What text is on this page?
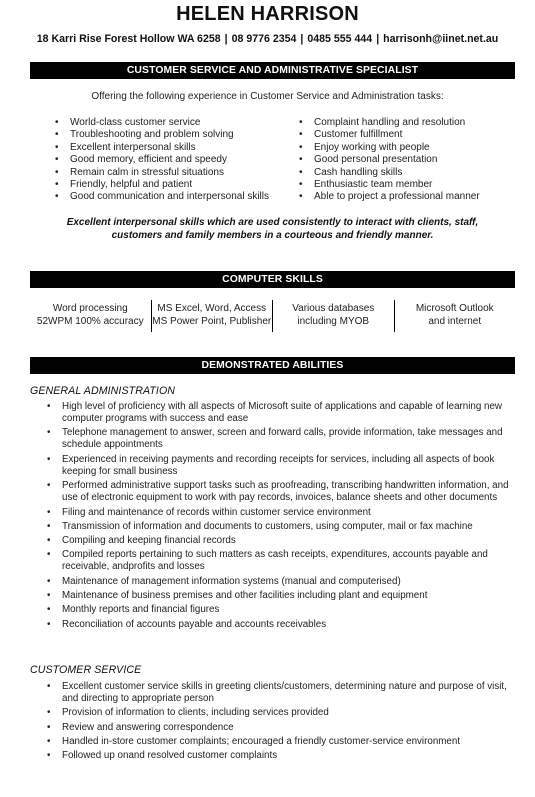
HELEN HARRISON
18 Karri Rise Forest Hollow WA 6258 | 08 9776 2354 | 0485 555 444 | harrisonh@iinet.net.au
CUSTOMER SERVICE AND ADMINISTRATIVE SPECIALIST
Offering the following experience in Customer Service and Administration tasks:
• World-class customer service
• Troubleshooting and problem solving
• Excellent interpersonal skills
• Good memory, efficient and speedy
• Remain calm in stressful situations
• Friendly, helpful and patient
• Good communication and interpersonal skills
• Complaint handling and resolution
• Customer fulfillment
• Enjoy working with people
• Good personal presentation
• Cash handling skills
• Enthusiastic team member
• Able to project a professional manner
Excellent interpersonal skills which are used consistently to interact with clients, staff,
customers and family members in a courteous and friendly manner.
COMPUTER SKILLS
Word processing
52WPM 100% accuracy
MS Excel, Word, Access
MS Power Point, Publisher
Various databases
including MYOB
Microsoft Outlook
and internet
DEMONSTRATED ABILITIES
GENERAL ADMINISTRATION
• High level of proficiency with all aspects of Microsoft suite of applications and capable of learning new computer programs with success and ease
• Telephone management to answer, screen and forward calls, provide information, take messages and schedule appointments
• Experienced in receiving payments and recording receipts for services, including all aspects of book keeping for small business
• Performed administrative support tasks such as proofreading, transcribing handwritten information, and use of electronic equipment to work with pay records, invoices, balance sheets and other documents
• Filing and maintenance of records within customer service environment
• Transmission of information and documents to customers, using computer, mail or fax machine
• Compiling and keeping financial records
• Compiled reports pertaining to such matters as cash receipts, expenditures, accounts payable and receivable, andprofits and losses
• Maintenance of management information systems (manual and computerised)
• Maintenance of business premises and other facilities including plant and equipment
• Monthly reports and financial figures
• Reconciliation of accounts payable and accounts receivables
CUSTOMER SERVICE
• Excellent customer service skills in greeting clients/customers, determining nature and purpose of visit, and directing to appropriate person
• Provision of information to clients, including services provided
• Review and answering correspondence
• Handled in-store customer complaints; encouraged a friendly customer-service environment
• Followed up onand resolved customer complaints
